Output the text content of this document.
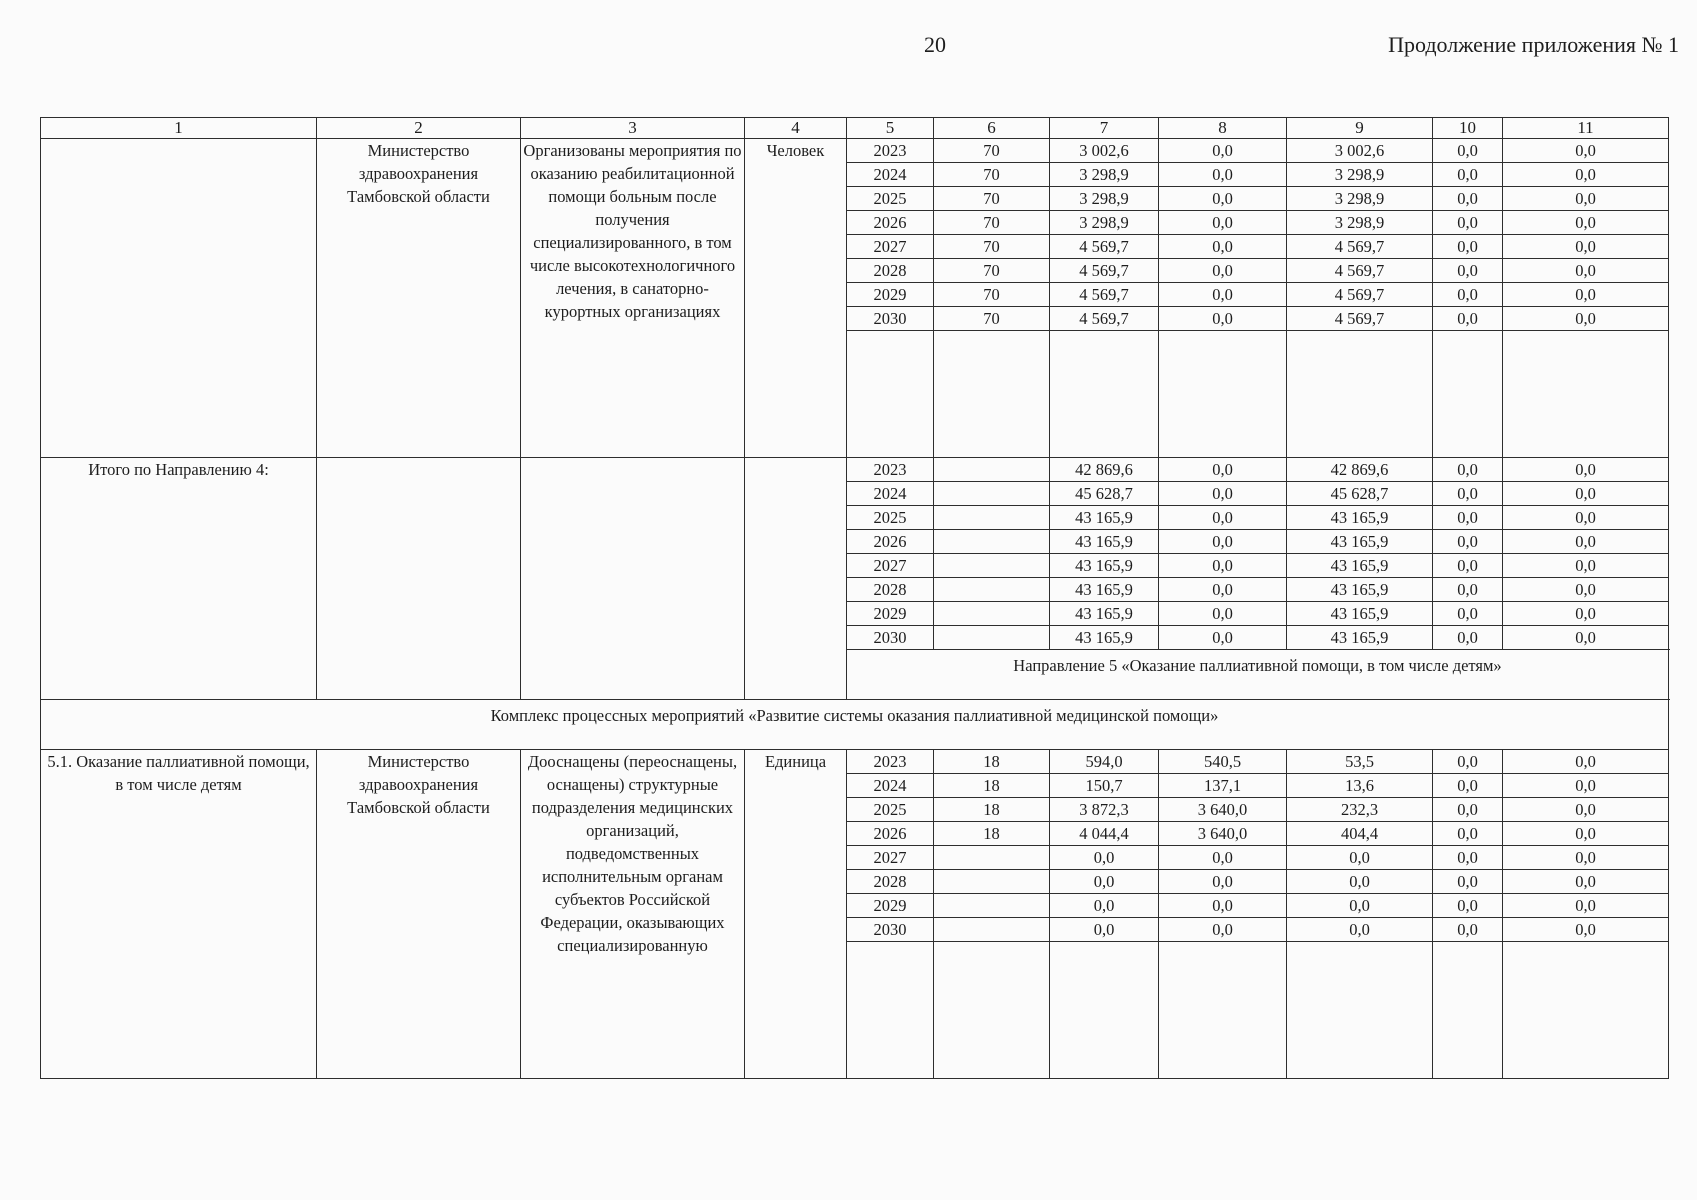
20	Продолжение приложения № 1
1	2	3	4	5	6	7	8	9	10	11
	Министерство здравоохранения Тамбовской области	Организованы мероприятия по оказанию реабилитационной помощи больным после получения специализированного, в том числе высокотехнологичного лечения, в санаторно-курортных организациях	Человек	2023	70	3 002,6	0,0	3 002,6	0,0	0,0
				2024	70	3 298,9	0,0	3 298,9	0,0	0,0
				2025	70	3 298,9	0,0	3 298,9	0,0	0,0
				2026	70	3 298,9	0,0	3 298,9	0,0	0,0
				2027	70	4 569,7	0,0	4 569,7	0,0	0,0
				2028	70	4 569,7	0,0	4 569,7	0,0	0,0
				2029	70	4 569,7	0,0	4 569,7	0,0	0,0
				2030	70	4 569,7	0,0	4 569,7	0,0	0,0

Итого по Направлению 4:				2023		42 869,6	0,0	42 869,6	0,0	0,0
				2024		45 628,7	0,0	45 628,7	0,0	0,0
				2025		43 165,9	0,0	43 165,9	0,0	0,0
				2026		43 165,9	0,0	43 165,9	0,0	0,0
				2027		43 165,9	0,0	43 165,9	0,0	0,0
				2028		43 165,9	0,0	43 165,9	0,0	0,0
				2029		43 165,9	0,0	43 165,9	0,0	0,0
				2030		43 165,9	0,0	43 165,9	0,0	0,0
				Направление 5 «Оказание паллиативной помощи, в том числе детям»						
Комплекс процессных мероприятий «Развитие системы оказания паллиативной медицинской помощи»										
5.1. Оказание паллиативной помощи, в том числе детям	Министерство здравоохранения Тамбовской области	Дооснащены (переоснащены, оснащены) структурные подразделения медицинских организаций, подведомственных исполнительным органам субъектов Российской Федерации, оказывающих специализированную	Единица	2023	18	594,0	540,5	53,5	0,0	0,0
				2024	18	150,7	137,1	13,6	0,0	0,0
				2025	18	3 872,3	3 640,0	232,3	0,0	0,0
				2026	18	4 044,4	3 640,0	404,4	0,0	0,0
				2027		0,0	0,0	0,0	0,0	0,0
				2028		0,0	0,0	0,0	0,0	0,0
				2029		0,0	0,0	0,0	0,0	0,0
				2030		0,0	0,0	0,0	0,0	0,0
